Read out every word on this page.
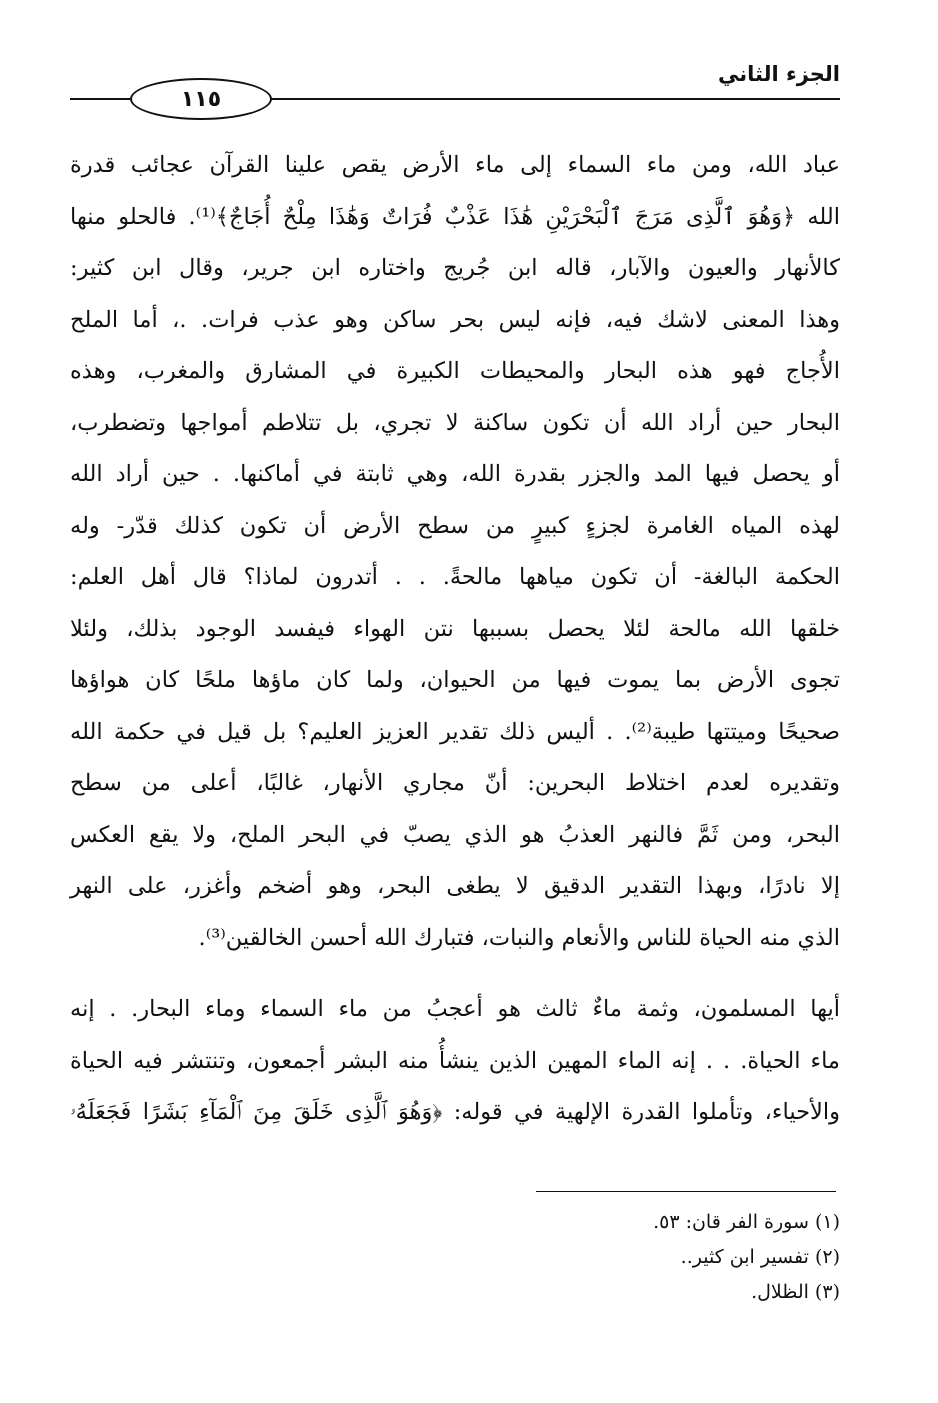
١١٥
الجزء الثاني
عباد الله، ومن ماء السماء إلى ماء الأرض يقص علينا القرآن عجائب قدرة
الله ﴿وَهُوَ ٱلَّذِى مَرَجَ ٱلْبَحْرَيْنِ هَٰذَا عَذْبٌ فُرَاتٌ وَهَٰذَا مِلْحٌ أُجَاجٌ﴾⁽¹⁾. فالحلو منها
كالأنهار والعيون والآبار، قاله ابن جُريج واختاره ابن جرير، وقال ابن كثير:
وهذا المعنى لاشك فيه، فإنه ليس بحر ساكن وهو عذب فرات. .، أما الملح
الأُجاج فهو هذه البحار والمحيطات الكبيرة في المشارق والمغرب، وهذه
البحار حين أراد الله أن تكون ساكنة لا تجري، بل تتلاطم أمواجها وتضطرب،
أو يحصل فيها المد والجزر بقدرة الله، وهي ثابتة في أماكنها. . حين أراد الله
لهذه المياه الغامرة لجزءٍ كبيرٍ من سطح الأرض أن تكون كذلك قدّر- وله
الحكمة البالغة- أن تكون مياهها مالحةً. . . أتدرون لماذا؟ قال أهل العلم:
خلقها الله مالحة لئلا يحصل بسببها نتن الهواء فيفسد الوجود بذلك، ولئلا
تجوى الأرض بما يموت فيها من الحيوان، ولما كان ماؤها ملحًا كان هواؤها
صحيحًا وميتتها طيبة⁽²⁾. . أليس ذلك تقدير العزيز العليم؟ بل قيل في حكمة الله
وتقديره لعدم اختلاط البحرين: أنّ مجاري الأنهار، غالبًا، أعلى من سطح
البحر، ومن ثَمَّ فالنهر العذبُ هو الذي يصبّ في البحر الملح، ولا يقع العكس
إلا نادرًا، وبهذا التقدير الدقيق لا يطغى البحر، وهو أضخم وأغزر، على النهر
الذي منه الحياة للناس والأنعام والنبات، فتبارك الله أحسن الخالقين⁽³⁾.
أيها المسلمون، وثمة ماءٌ ثالث هو أعجبُ من ماء السماء وماء البحار. . إنه
ماء الحياة. . . إنه الماء المهين الذين ينشأُ منه البشر أجمعون، وتنتشر فيه الحياة
والأحياء، وتأملوا القدرة الإلهية في قوله: ﴿وَهُوَ ٱلَّذِى خَلَقَ مِنَ ٱلْمَآءِ بَشَرًا فَجَعَلَهُۥ
(١) سورة الفر قان: ٥٣.
(٢) تفسير ابن كثير..
(٣) الظلال.
